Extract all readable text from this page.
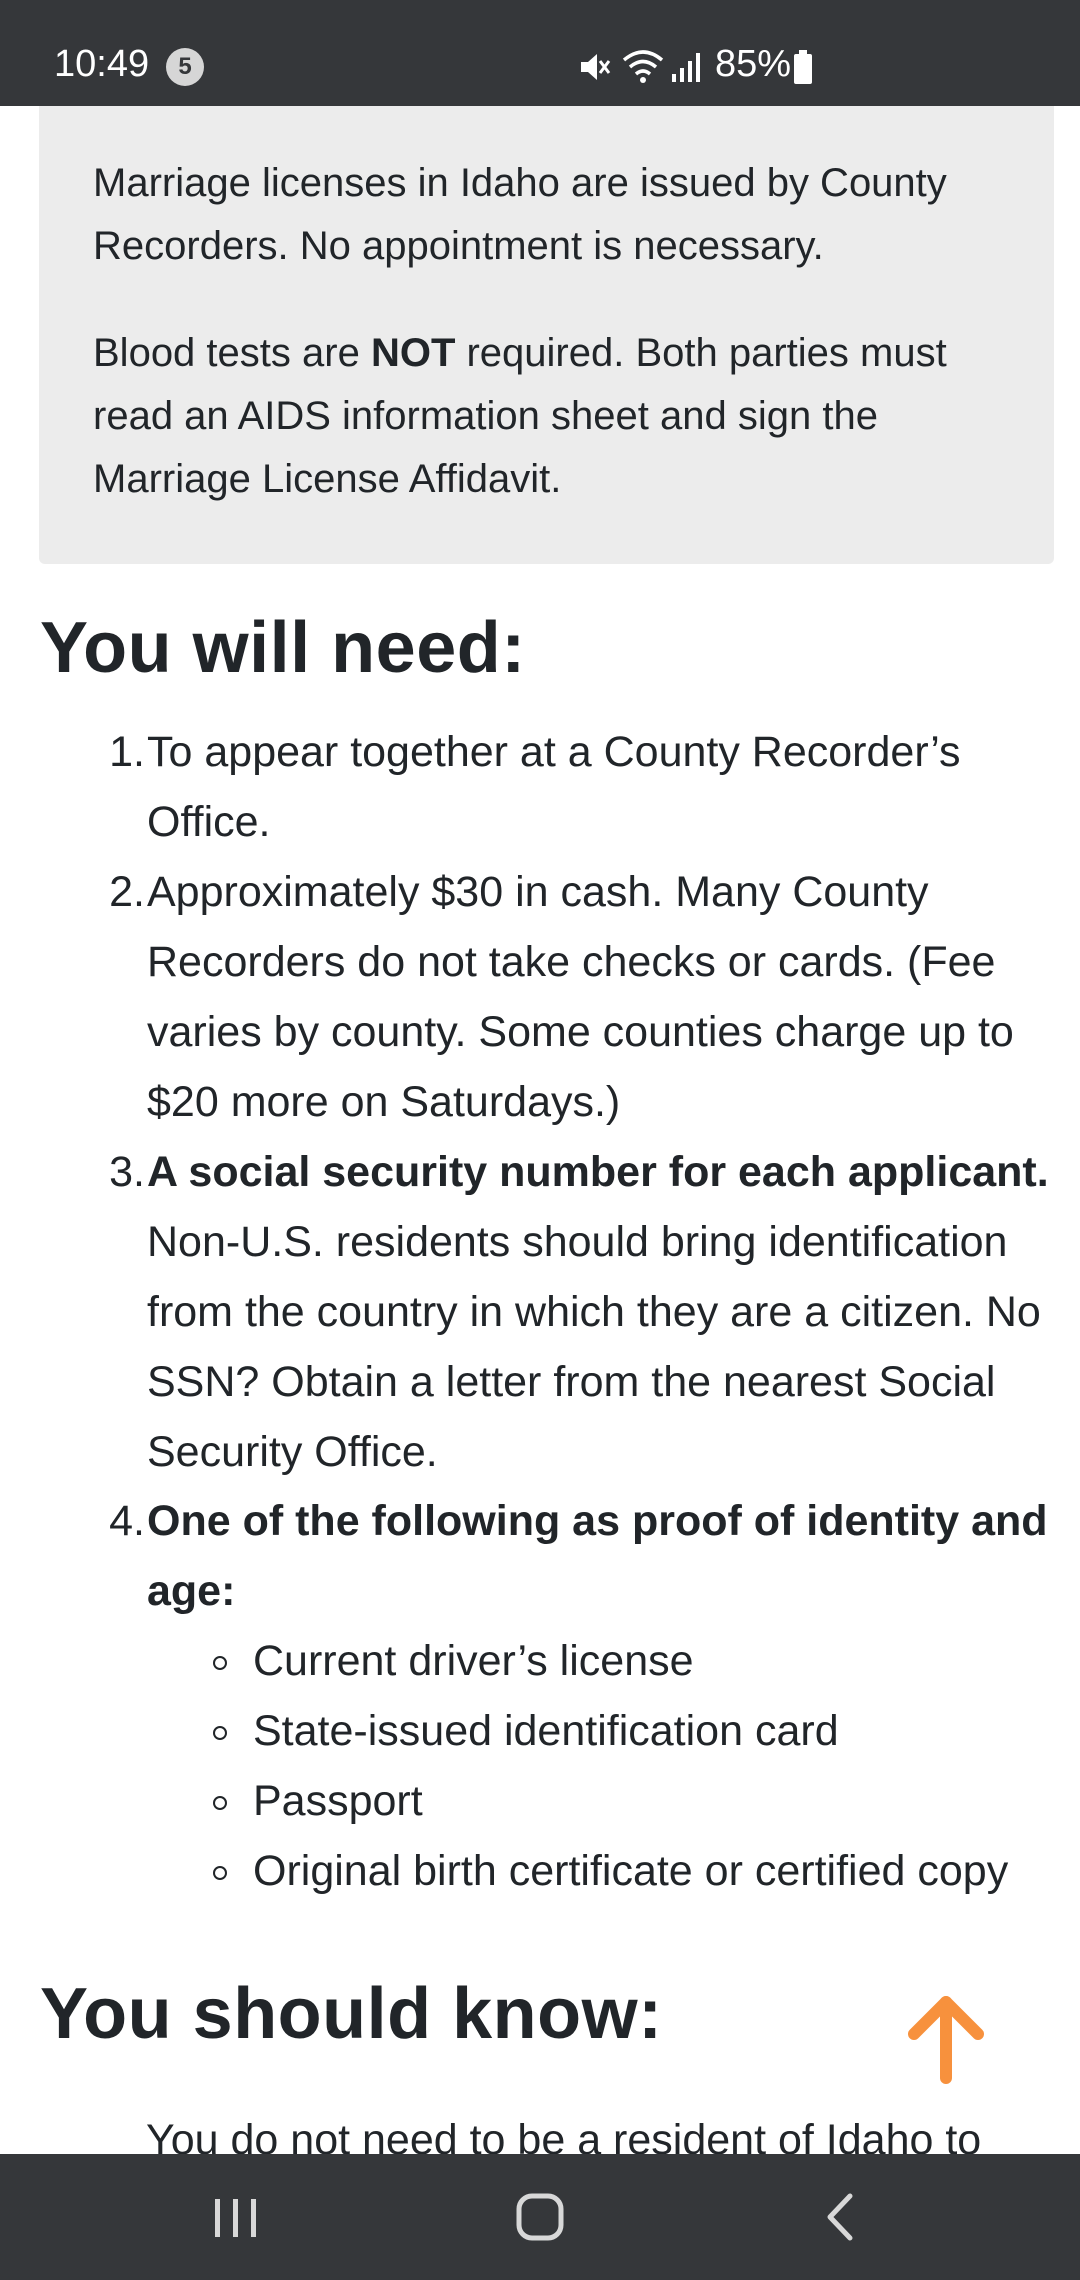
10:49	5	85%

Marriage licenses in Idaho are issued by County Recorders. No appointment is necessary.

Blood tests are NOT required. Both parties must read an AIDS information sheet and sign the Marriage License Affidavit.

You will need:
1. To appear together at a County Recorder’s Office.
2. Approximately $30 in cash. Many County Recorders do not take checks or cards. (Fee varies by county. Some counties charge up to $20 more on Saturdays.)
3. A social security number for each applicant. Non-U.S. residents should bring identification from the country in which they are a citizen. No SSN? Obtain a letter from the nearest Social Security Office.
4. One of the following as proof of identity and age:
Current driver’s license
State-issued identification card
Passport
Original birth certificate or certified copy
You should know:
You do not need to be a resident of Idaho to
